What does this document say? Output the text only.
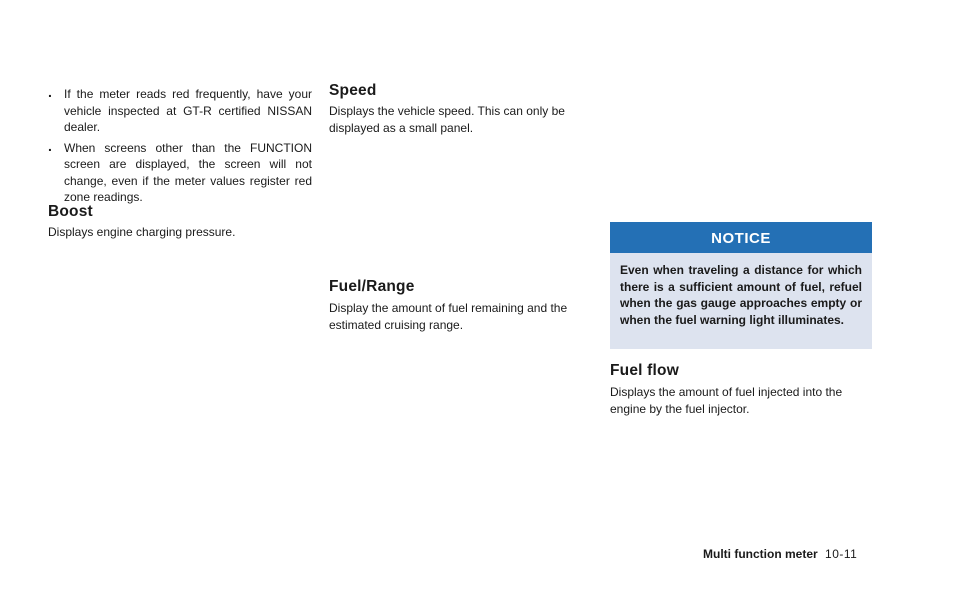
. If the meter reads red frequently, have your vehicle inspected at GT-R certified NISSAN dealer.
. When screens other than the FUNCTION screen are displayed, the screen will not change, even if the meter values register red zone readings.
Boost

Displays engine charging pressure.

Speed

Displays the vehicle speed. This can only be displayed as a small panel.

Fuel/Range

Display the amount of fuel remaining and the estimated cruising range.

NOTICE
Even when traveling a distance for which there is a sufficient amount of fuel, refuel when the gas gauge approaches empty or when the fuel warning light illuminates.
Fuel flow

Displays the amount of fuel injected into the engine by the fuel injector.

Multi function meter 10-11
